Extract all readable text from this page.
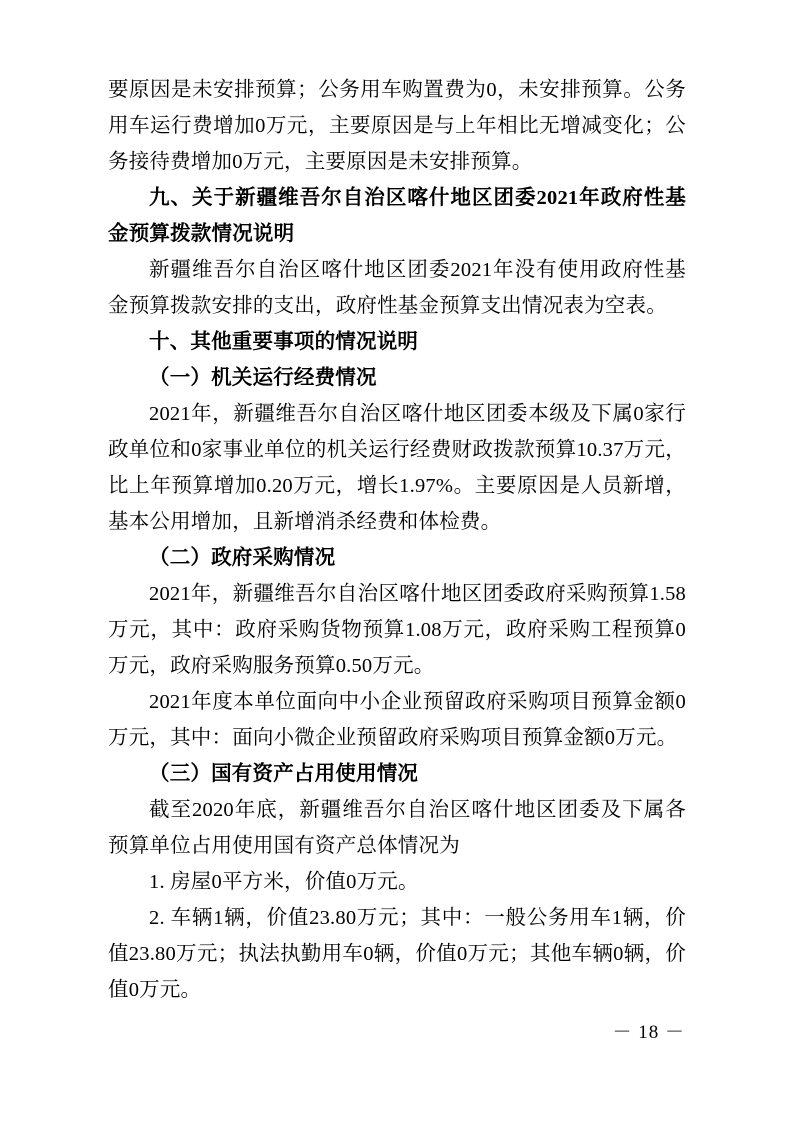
要原因是未安排预算；公务用车购置费为0，未安排预算。公务用车运行费增加0万元，主要原因是与上年相比无增减变化；公务接待费增加0万元，主要原因是未安排预算。

九、关于新疆维吾尔自治区喀什地区团委2021年政府性基金预算拨款情况说明

新疆维吾尔自治区喀什地区团委2021年没有使用政府性基金预算拨款安排的支出，政府性基金预算支出情况表为空表。

十、其他重要事项的情况说明

（一）机关运行经费情况

2021年，新疆维吾尔自治区喀什地区团委本级及下属0家行政单位和0家事业单位的机关运行经费财政拨款预算10.37万元，比上年预算增加0.20万元，增长1.97%。主要原因是人员新增，基本公用增加，且新增消杀经费和体检费。

（二）政府采购情况

2021年，新疆维吾尔自治区喀什地区团委政府采购预算1.58万元，其中：政府采购货物预算1.08万元，政府采购工程预算0万元，政府采购服务预算0.50万元。

2021年度本单位面向中小企业预留政府采购项目预算金额0万元，其中：面向小微企业预留政府采购项目预算金额0万元。

（三）国有资产占用使用情况

截至2020年底，新疆维吾尔自治区喀什地区团委及下属各预算单位占用使用国有资产总体情况为

1. 房屋0平方米，价值0万元。

2. 车辆1辆，价值23.80万元；其中：一般公务用车1辆，价值23.80万元；执法执勤用车0辆，价值0万元；其他车辆0辆，价值0万元。

－ 18 －
